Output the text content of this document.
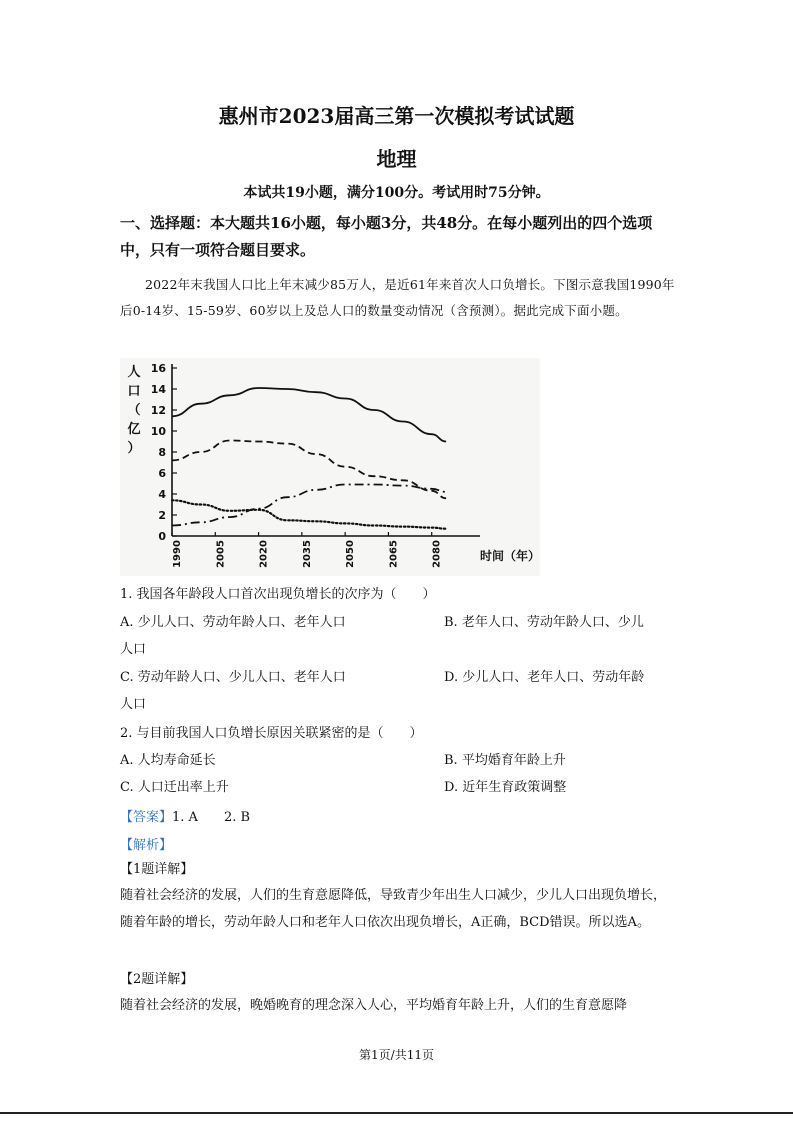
惠州市2023届高三第一次模拟考试试题
地理
本试共19小题，满分100分。考试用时75分钟。
一、选择题：本大题共16小题，每小题3分，共48分。在每小题列出的四个选项中，只有一项符合题目要求。
2022年末我国人口比上年末减少85万人，是近61年来首次人口负增长。下图示意我国1990年后0-14岁、15-59岁、60岁以上及总人口的数量变动情况（含预测）。据此完成下面小题。
人
口
（
亿
）
时间（年）
0
2
4
6
8
10
12
14
16
1990	2005	2020	2035	2050	2065	2080
1. 我国各年龄段人口首次出现负增长的次序为（　　）
A. 少儿人口、劳动年龄人口、老年人口	B. 老年人口、劳动年龄人口、少儿
人口
C. 劳动年龄人口、少儿人口、老年人口	D. 少儿人口、老年人口、劳动年龄
人口
2. 与目前我国人口负增长原因关联紧密的是（　　）
A. 人均寿命延长	B. 平均婚育年龄上升
C. 人口迁出率上升	D. 近年生育政策调整
【答案】1. A　　2. B
【解析】
【1题详解】
随着社会经济的发展，人们的生育意愿降低，导致青少年出生人口减少，少儿人口出现负增长，随着年龄的增长，劳动年龄人口和老年人口依次出现负增长，A正确，BCD错误。所以选A。
【2题详解】
随着社会经济的发展，晚婚晚育的理念深入人心，平均婚育年龄上升，人们的生育意愿降
第1页/共11页
